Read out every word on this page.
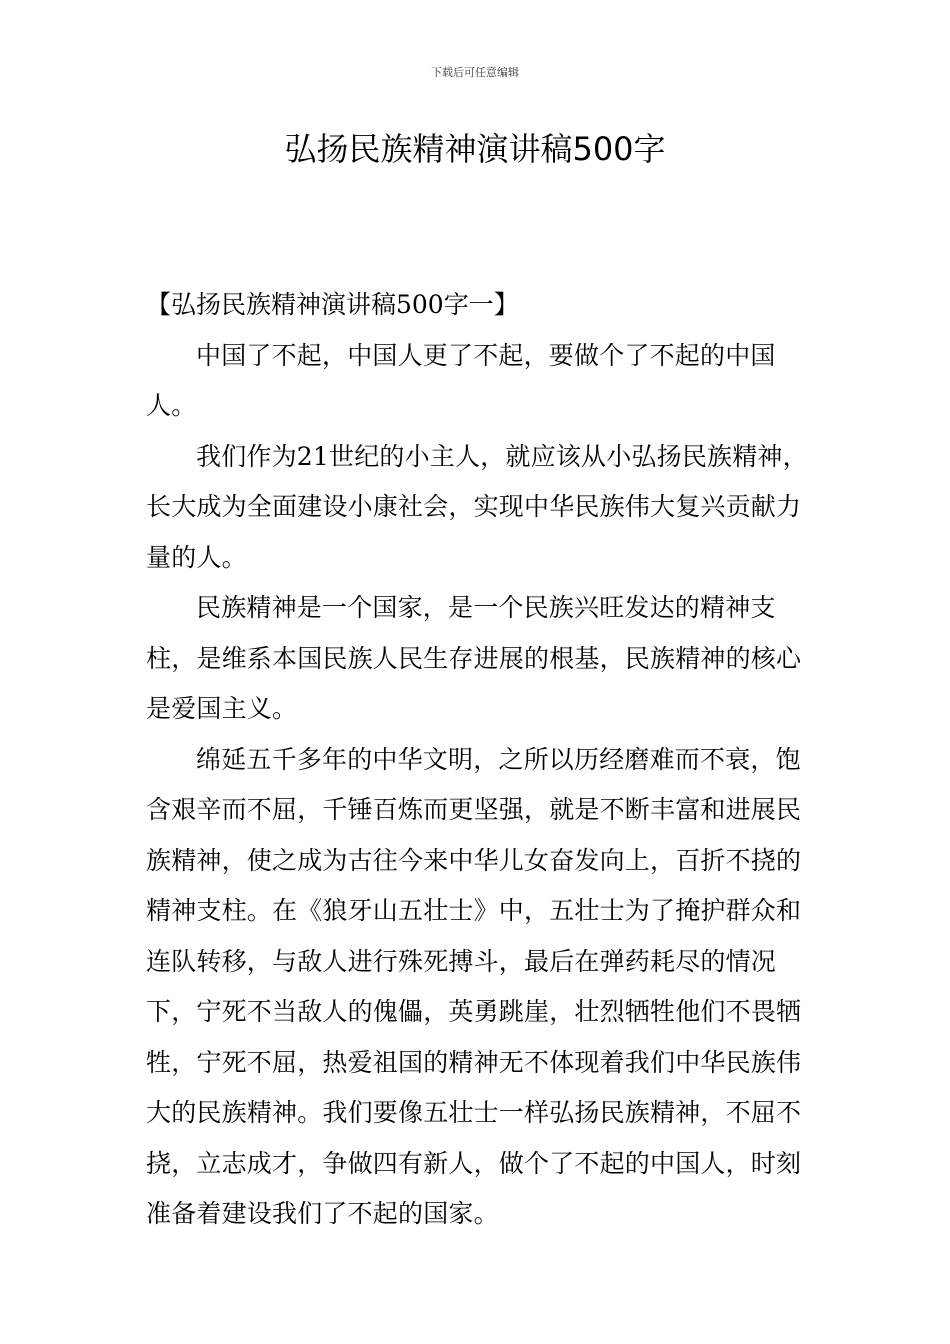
下载后可任意编辑
弘扬民族精神演讲稿500字

【弘扬民族精神演讲稿500字一】

中国了不起，中国人更了不起，要做个了不起的中国人。

我们作为21世纪的小主人，就应该从小弘扬民族精神，长大成为全面建设小康社会，实现中华民族伟大复兴贡献力量的人。

民族精神是一个国家，是一个民族兴旺发达的精神支柱，是维系本国民族人民生存进展的根基，民族精神的核心是爱国主义。

绵延五千多年的中华文明，之所以历经磨难而不衰，饱含艰辛而不屈，千锤百炼而更坚强，就是不断丰富和进展民族精神，使之成为古往今来中华儿女奋发向上，百折不挠的精神支柱。在《狼牙山五壮士》中，五壮士为了掩护群众和连队转移，与敌人进行殊死搏斗，最后在弹药耗尽的情况下，宁死不当敌人的傀儡，英勇跳崖，壮烈牺牲他们不畏牺牲，宁死不屈，热爱祖国的精神无不体现着我们中华民族伟大的民族精神。我们要像五壮士一样弘扬民族精神，不屈不挠，立志成才，争做四有新人，做个了不起的中国人，时刻准备着建设我们了不起的国家。
